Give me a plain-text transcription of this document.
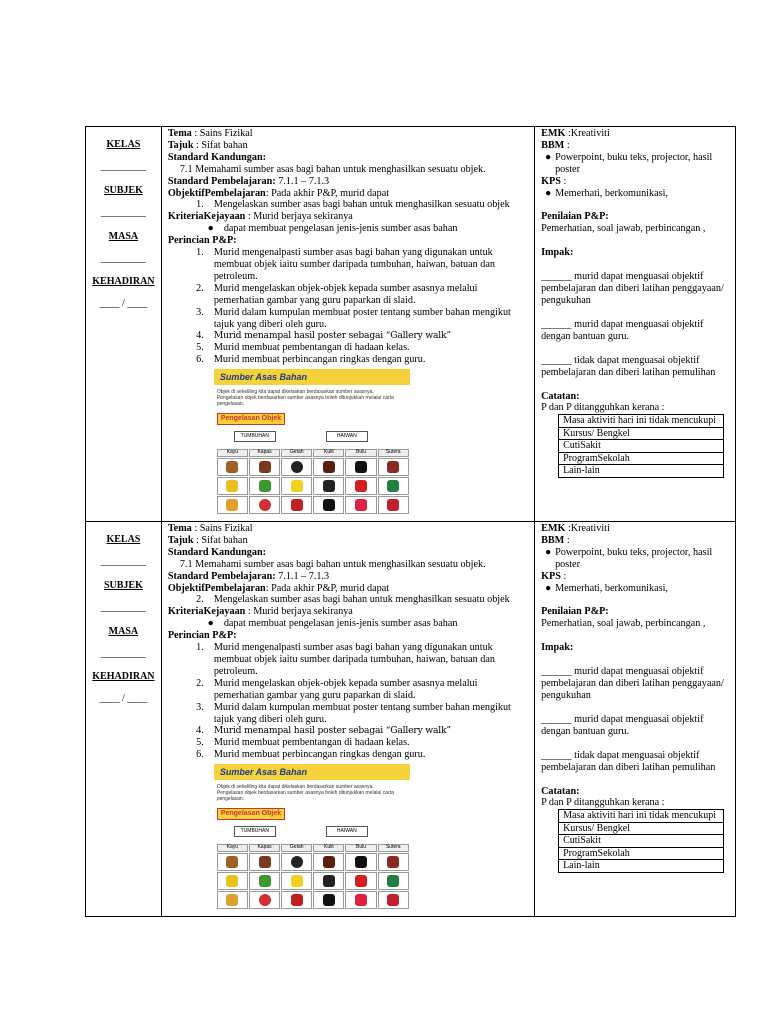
KELAS
_________
SUBJEK
_________
MASA
_________
KEHADIRAN
____ / ____

Tema : Sains Fizikal
Tajuk : Sifat bahan
Standard Kandungan:
7.1 Memahami sumber asas bagi bahan untuk menghasilkan sesuatu objek.
Standard Pembelajaran: 7.1.1 – 7.1.3
ObjektifPembelajaran: Pada akhir P&P, murid dapat
1. Mengelaskan sumber asas bagi bahan untuk menghasilkan sesuatu objek
KriteriaKejayaan : Murid berjaya sekiranya
● dapat membuat pengelasan jenis-jenis sumber asas bahan
Perincian P&P:
1. Murid mengenalpasti sumber asas bagi bahan yang digunakan untuk membuat objek iaitu sumber daripada tumbuhan, haiwan, batuan dan petroleum.
2. Murid mengelaskan objek-objek kepada sumber asasnya melalui pemerhatian gambar yang guru paparkan di slaid.
3. Murid dalam kumpulan membuat poster tentang sumber bahan mengikut tajuk yang diberi oleh guru.
4.	Murid menampal hasil poster sebagai “Gallery walk”
5. Murid membuat pembentangan di hadaan kelas.
6. Murid membuat perbincangan ringkas dengan guru.
Sumber Asas Bahan
Objek di sekeliling kita dapat dikelaskan berdasarkan sumber asasnya.
Pengelasan objek berdasarkan sumber asasnya boleh ditunjukkan melalui carta pengelasan.
Pengelasan Objek
TUMBUHAN	HAIWAN
Kayu	Kapas	Getah	Kulit	Bulu	Sutera

EMK :Kreativiti
BBM :
● Powerpoint, buku teks, projector, hasil poster
KPS :
● Memerhati, berkomunikasi,
Penilaian P&P:
Pemerhatian, soal jawab, perbincangan ,
Impak:
______ murid dapat menguasai objektif pembelajaran dan diberi latihan penggayaan/ pengukuhan
______ murid dapat menguasai objektif dengan bantuan guru.
______ tidak dapat menguasai objektif pembelajaran dan diberi latihan pemulihan
Catatan:
P dan P ditangguhkan kerana :
Masa aktiviti hari ini tidak mencukupi
Kursus/ Bengkel
CutiSakit
ProgramSekolah
Lain-lain

KELAS
_________
SUBJEK
_________
MASA
_________
KEHADIRAN
____ / ____

Tema : Sains Fizikal
Tajuk : Sifat bahan
Standard Kandungan:
7.1 Memahami sumber asas bagi bahan untuk menghasilkan sesuatu objek.
Standard Pembelajaran: 7.1.1 – 7.1.3
ObjektifPembelajaran: Pada akhir P&P, murid dapat
2. Mengelaskan sumber asas bagi bahan untuk menghasilkan sesuatu objek
KriteriaKejayaan : Murid berjaya sekiranya
● dapat membuat pengelasan jenis-jenis sumber asas bahan
Perincian P&P:
1. Murid mengenalpasti sumber asas bagi bahan yang digunakan untuk membuat objek iaitu sumber daripada tumbuhan, haiwan, batuan dan petroleum.
2. Murid mengelaskan objek-objek kepada sumber asasnya melalui pemerhatian gambar yang guru paparkan di slaid.
3. Murid dalam kumpulan membuat poster tentang sumber bahan mengikut tajuk yang diberi oleh guru.
4.	Murid menampal hasil poster sebagai “Gallery walk”
5. Murid membuat pembentangan di hadaan kelas.
6. Murid membuat perbincangan ringkas dengan guru.
Sumber Asas Bahan
Objek di sekeliling kita dapat dikelaskan berdasarkan sumber asasnya.
Pengelasan objek berdasarkan sumber asasnya boleh ditunjukkan melalui carta pengelasan.
Pengelasan Objek
TUMBUHAN	HAIWAN
Kayu	Kapas	Getah	Kulit	Bulu	Sutera

EMK :Kreativiti
BBM :
● Powerpoint, buku teks, projector, hasil poster
KPS :
● Memerhati, berkomunikasi,
Penilaian P&P:
Pemerhatian, soal jawab, perbincangan ,
Impak:
______ murid dapat menguasai objektif pembelajaran dan diberi latihan penggayaan/ pengukuhan
______ murid dapat menguasai objektif dengan bantuan guru.
______ tidak dapat menguasai objektif pembelajaran dan diberi latihan pemulihan
Catatan:
P dan P ditangguhkan kerana :
Masa aktiviti hari ini tidak mencukupi
Kursus/ Bengkel
CutiSakit
ProgramSekolah
Lain-lain
